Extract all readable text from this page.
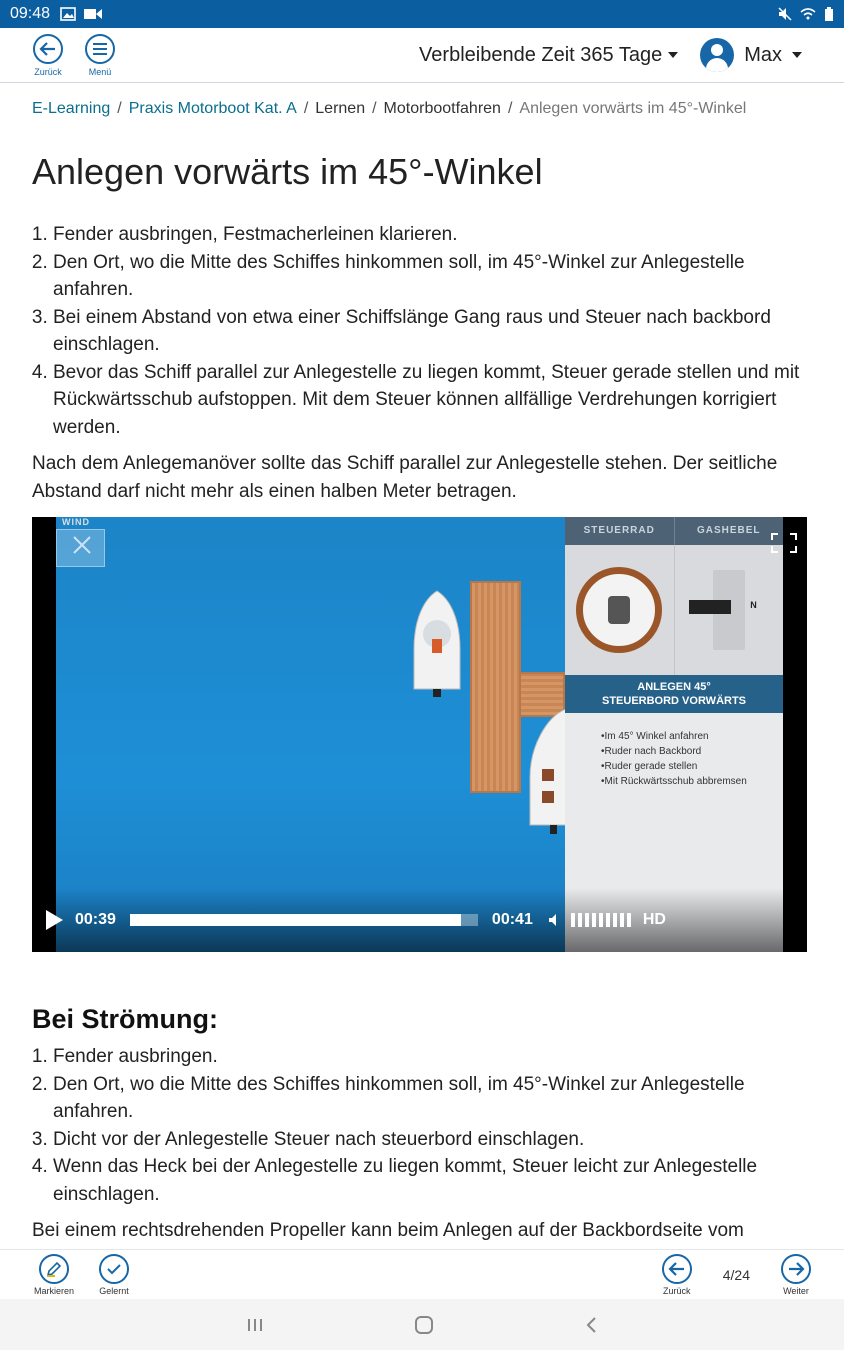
09:48
Zurück	Menü
Verbleibende Zeit 365 Tage	Max
E-Learning / Praxis Motorboot Kat. A / Lernen / Motorbootfahren / Anlegen vorwärts im 45°-Winkel
Anlegen vorwärts im 45°-Winkel
1. Fender ausbringen, Festmacherleinen klarieren.
2. Den Ort, wo die Mitte des Schiffes hinkommen soll, im 45°-Winkel zur Anlegestelle anfahren.
3. Bei einem Abstand von etwa einer Schiffslänge Gang raus und Steuer nach backbord einschlagen.
4. Bevor das Schiff parallel zur Anlegestelle zu liegen kommt, Steuer gerade stellen und mit Rückwärtsschub aufstoppen. Mit dem Steuer können allfällige Verdrehungen korrigiert werden.

Nach dem Anlegemanöver sollte das Schiff parallel zur Anlegestelle stehen. Der seitliche Abstand darf nicht mehr als einen halben Meter betragen.

WIND
STEUERRAD	GASHEBEL
N
ANLEGEN 45°
STEUERBORD VORWÄRTS
• Im 45° Winkel anfahren
• Ruder nach Backbord
• Ruder gerade stellen
• Mit Rückwärtsschub abbremsen
00:39	00:41	HD
Bei Strömung:
1. Fender ausbringen.
2. Den Ort, wo die Mitte des Schiffes hinkommen soll, im 45°-Winkel zur Anlegestelle anfahren.
3. Dicht vor der Anlegestelle Steuer nach steuerbord einschlagen.
4. Wenn das Heck bei der Anlegestelle zu liegen kommt, Steuer leicht zur Anlegestelle einschlagen.

Bei einem rechtsdrehenden Propeller kann beim Anlegen auf der Backbordseite vom

Markieren	Gelernt	Zurück
4/24
Weiter
